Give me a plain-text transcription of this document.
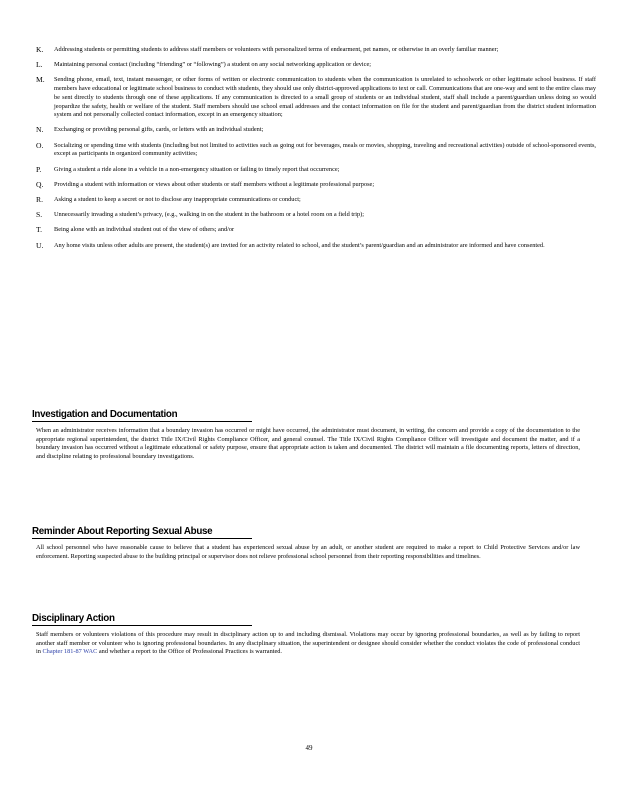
K.	Addressing students or permitting students to address staff members or volunteers with personalized terms of endearment, pet names, or otherwise in an overly familiar manner;
L.	Maintaining personal contact (including “friending” or “following”) a student on any social networking application or device;
M.	Sending phone, email, text, instant messenger, or other forms of written or electronic communication to students when the communication is unrelated to schoolwork or other legitimate school business. If staff members have educational or legitimate school business to conduct with students, they should use only district-approved applications to text or call. Communications that are one-way and sent to the entire class may be sent directly to students through one of these applications. If any communication is directed to a small group of students or an individual student, staff shall include a parent/guardian unless doing so would jeopardize the safety, health or welfare of the student. Staff members should use school email addresses and the contact information on file for the student and parent/guardian from the district student information system and not personally collected contact information, except in an emergency situation;
N.	Exchanging or providing personal gifts, cards, or letters with an individual student;
O.	Socializing or spending time with students (including but not limited to activities such as going out for beverages, meals or movies, shopping, traveling and recreational activities) outside of school-sponsored events, except as participants in organized community activities;
P.	Giving a student a ride alone in a vehicle in a non-emergency situation or failing to timely report that occurrence;
Q.	Providing a student with information or views about other students or staff members without a legitimate professional purpose;
R.	Asking a student to keep a secret or not to disclose any inappropriate communications or conduct;
S.	Unnecessarily invading a student’s privacy, (e.g., walking in on the student in the bathroom or a hotel room on a field trip);
T.	Being alone with an individual student out of the view of others; and/or
U.	Any home visits unless other adults are present, the student(s) are invited for an activity related to school, and the student’s parent/guardian and an administrator are informed and have consented.
Investigation and Documentation
When an administrator receives information that a boundary invasion has occurred or might have occurred, the administrator must document, in writing, the concern and provide a copy of the documentation to the appropriate regional superintendent, the district Title IX/Civil Rights Compliance Officer, and general counsel. The Title IX/Civil Rights Compliance Officer will investigate and document the matter, and if a boundary invasion has occurred without a legitimate educational or safety purpose, ensure that appropriate action is taken and documented. The district will maintain a file documenting reports, letters of direction, and discipline relating to professional boundary investigations.
Reminder About Reporting Sexual Abuse
All school personnel who have reasonable cause to believe that a student has experienced sexual abuse by an adult, or another student are required to make a report to Child Protective Services and/or law enforcement. Reporting suspected abuse to the building principal or supervisor does not relieve professional school personnel from their reporting responsibilities and timelines.
Disciplinary Action
Staff members or volunteers violations of this procedure may result in disciplinary action up to and including dismissal. Violations may occur by ignoring professional boundaries, as well as by failing to report another staff member or volunteer who is ignoring professional boundaries. In any disciplinary situation, the superintendent or designee should consider whether the conduct violates the code of professional conduct in Chapter 181-87 WAC and whether a report to the Office of Professional Practices is warranted.
49
